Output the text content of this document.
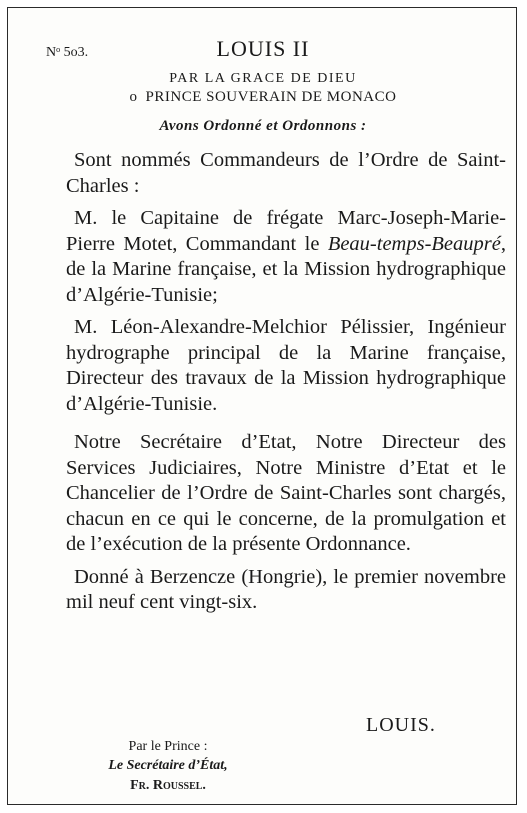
Nᵒ 5o3.	LOUIS II
PAR LA GRACE DE DIEU
o PRINCE SOUVERAIN DE MONACO
Avons Ordonné et Ordonnons :

Sont nommés Commandeurs de l’Ordre de Saint-Charles :

M. le Capitaine de frégate Marc-Joseph-Marie-Pierre Motet, Commandant le Beau-temps-Beaupré, de la Marine française, et la Mission hydrographique d’Algérie-Tunisie;

M. Léon-Alexandre-Melchior Pélissier, Ingénieur hydrographe principal de la Marine française, Directeur des travaux de la Mission hydrographique d’Algérie-Tunisie.

Notre Secrétaire d’Etat, Notre Directeur des Services Judiciaires, Notre Ministre d’Etat et le Chancelier de l’Ordre de Saint-Charles sont chargés, chacun en ce qui le concerne, de la promulgation et de l’exécution de la présente Ordonnance.

Donné à Berzencze (Hongrie), le premier novembre mil neuf cent vingt-six.

LOUIS.
Par le Prince :
Le Secrétaire d’État,
Fr. Roussel.
